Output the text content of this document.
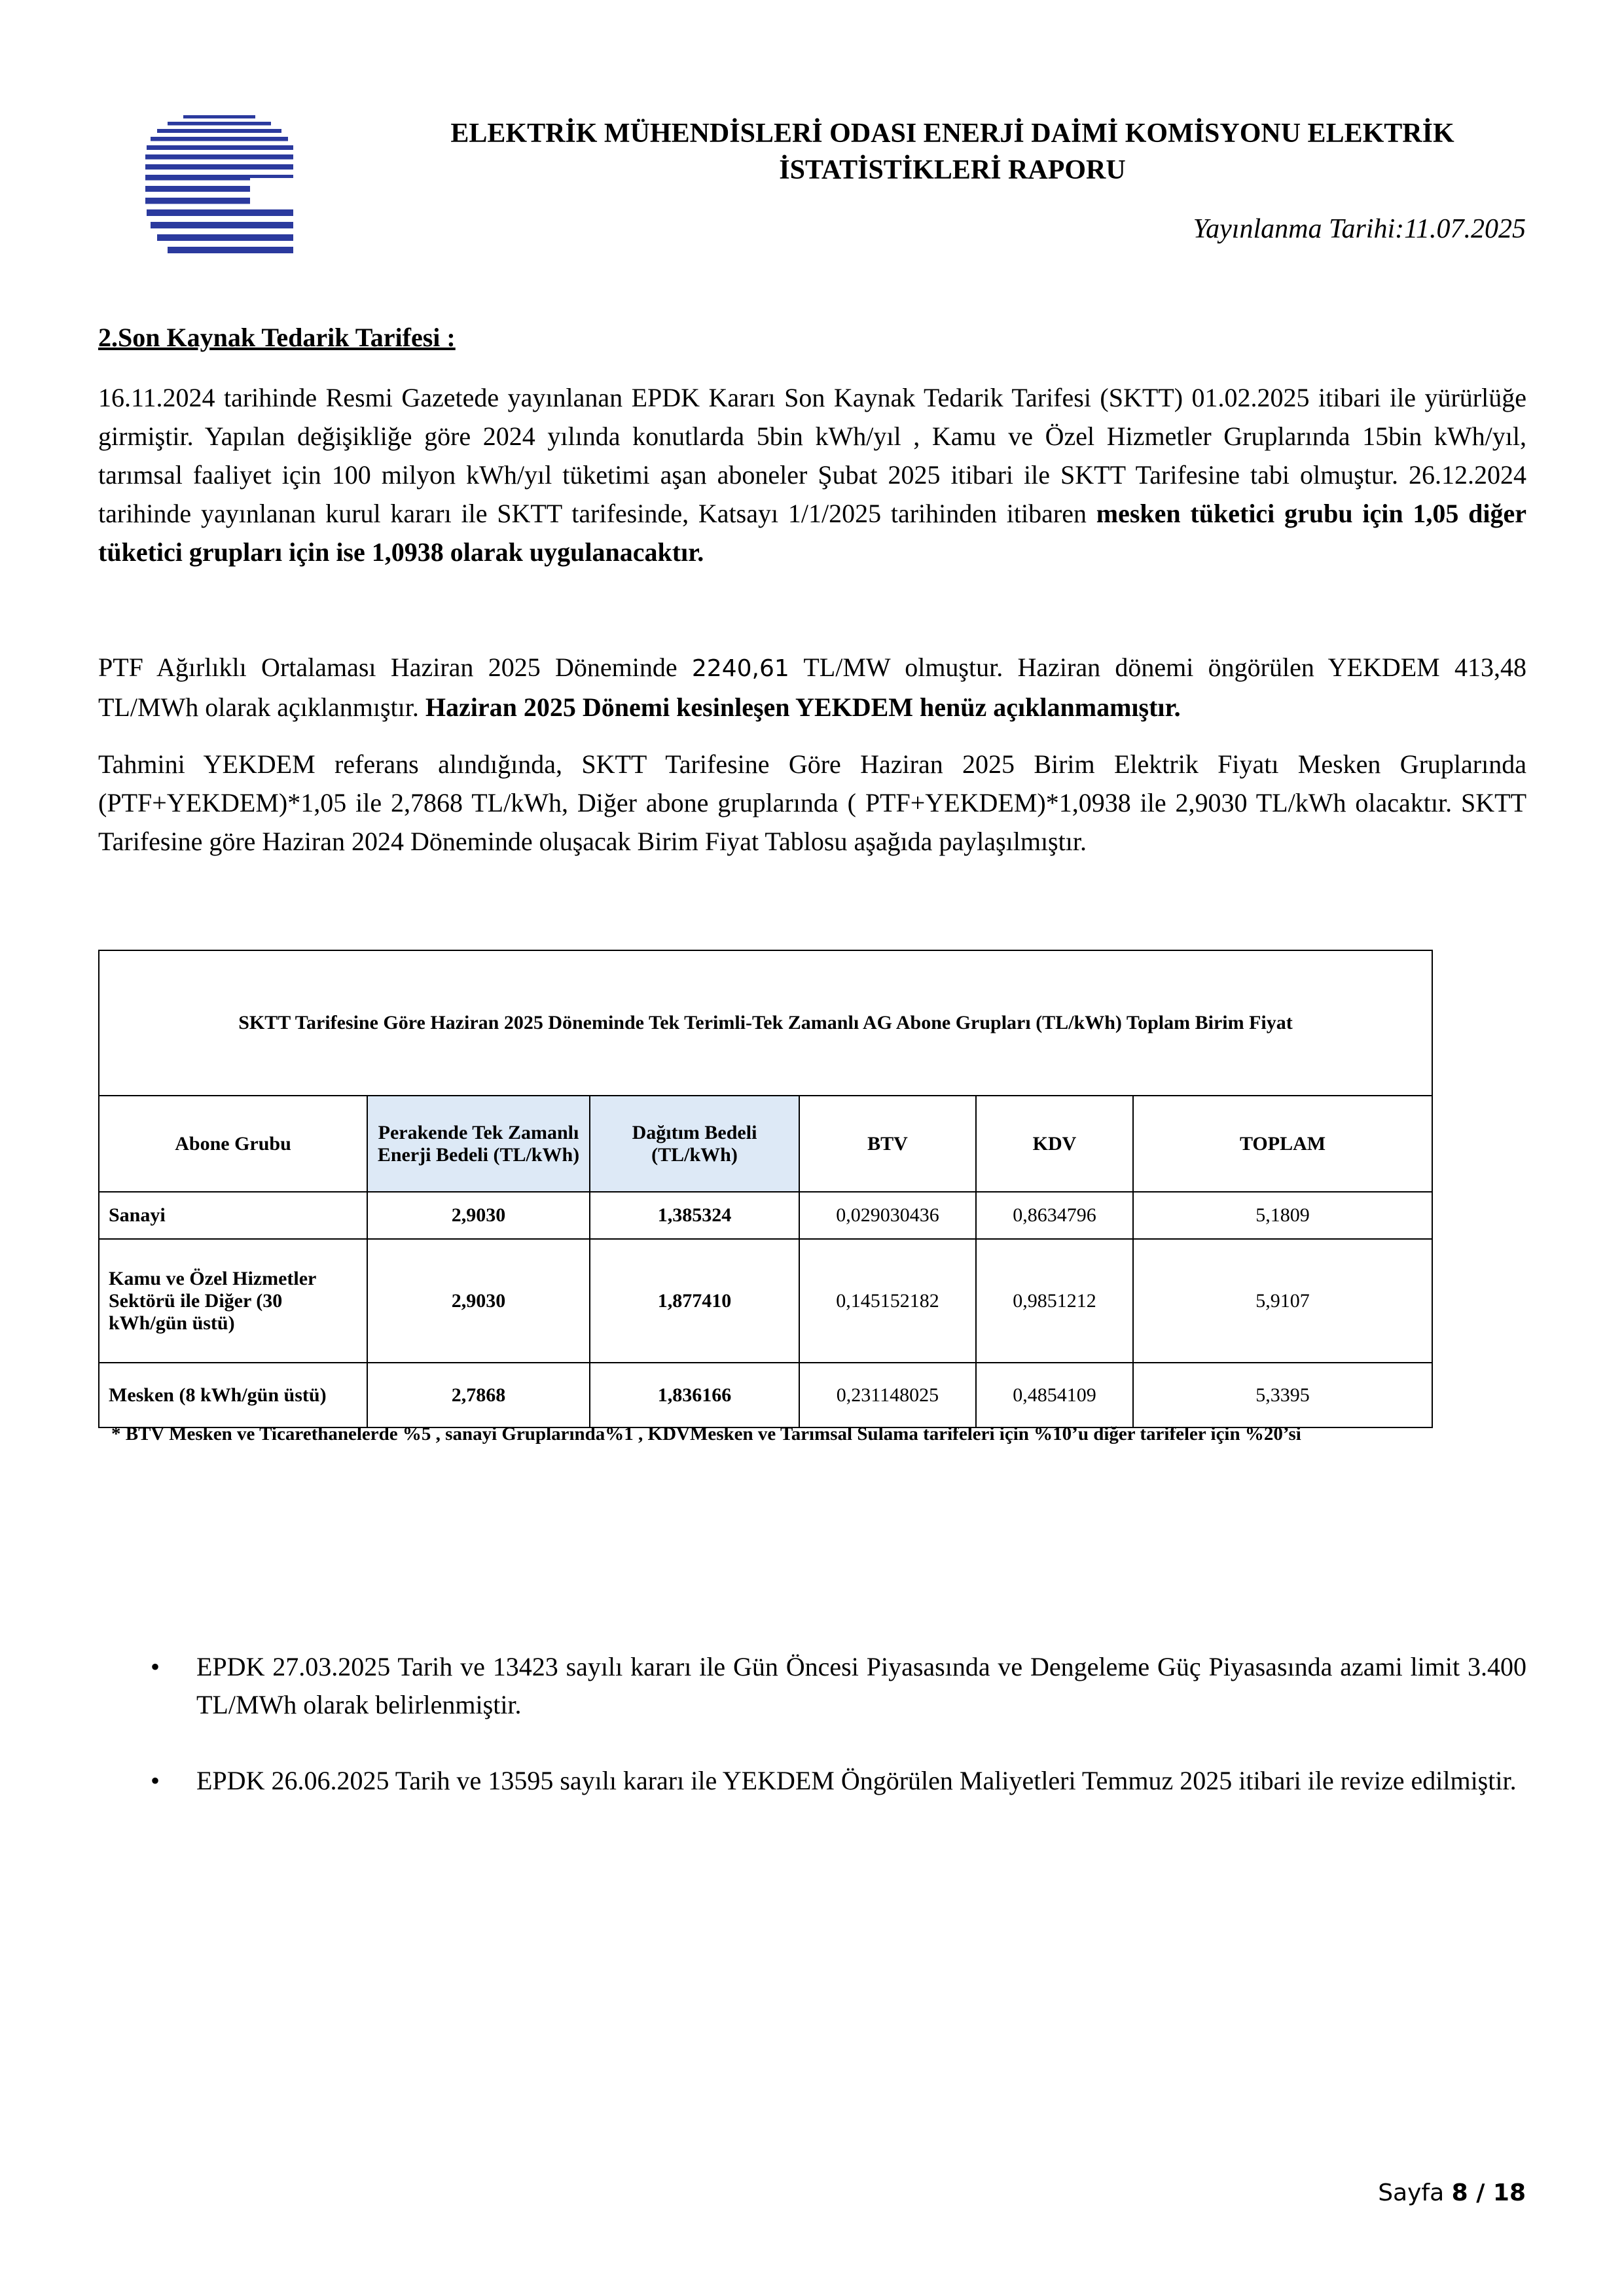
ELEKTRİK MÜHENDİSLERİ ODASI ENERJİ DAİMİ KOMİSYONU ELEKTRİK
İSTATİSTİKLERİ RAPORU
Yayınlanma Tarihi:11.07.2025
2.Son Kaynak Tedarik Tarifesi :
16.11.2024 tarihinde Resmi Gazetede yayınlanan EPDK Kararı Son Kaynak Tedarik Tarifesi (SKTT) 01.02.2025 itibari ile yürürlüğe girmiştir. Yapılan değişikliğe göre 2024 yılında konutlarda 5bin kWh/yıl , Kamu ve Özel Hizmetler Gruplarında 15bin kWh/yıl, tarımsal faaliyet için 100 milyon kWh/yıl tüketimi aşan aboneler Şubat 2025 itibari ile SKTT Tarifesine tabi olmuştur. 26.12.2024 tarihinde yayınlanan kurul kararı ile SKTT tarifesinde, Katsayı 1/1/2025 tarihinden itibaren mesken tüketici grubu için 1,05 diğer tüketici grupları için ise 1,0938 olarak uygulanacaktır.
PTF Ağırlıklı Ortalaması Haziran 2025 Döneminde 2240,61 TL/MW olmuştur. Haziran dönemi öngörülen YEKDEM 413,48 TL/MWh olarak açıklanmıştır. Haziran 2025 Dönemi kesinleşen YEKDEM henüz açıklanmamıştır.
Tahmini YEKDEM referans alındığında, SKTT Tarifesine Göre Haziran 2025 Birim Elektrik Fiyatı Mesken Gruplarında (PTF+YEKDEM)*1,05 ile 2,7868 TL/kWh, Diğer abone gruplarında ( PTF+YEKDEM)*1,0938 ile 2,9030 TL/kWh olacaktır. SKTT Tarifesine göre Haziran 2024 Döneminde oluşacak Birim Fiyat Tablosu aşağıda paylaşılmıştır.
SKTT Tarifesine Göre Haziran 2025 Döneminde Tek Terimli-Tek Zamanlı AG Abone Grupları (TL/kWh) Toplam Birim Fiyat					
Abone Grubu	Perakende Tek Zamanlı Enerji Bedeli (TL/kWh)	Dağıtım Bedeli (TL/kWh)	BTV	KDV	TOPLAM
Sanayi	2,9030	1,385324	0,029030436	0,8634796	5,1809
Kamu ve Özel Hizmetler Sektörü ile Diğer (30 kWh/gün üstü)	2,9030	1,877410	0,145152182	0,9851212	5,9107
Mesken (8 kWh/gün üstü)	2,7868	1,836166	0,231148025	0,4854109	5,3395
* BTV Mesken ve Ticarethanelerde %5 , sanayi Gruplarında%1 , KDVMesken ve Tarımsal Sulama tarifeleri için %10’u diğer tarifeler için %20’si
• EPDK 27.03.2025 Tarih ve 13423 sayılı kararı ile Gün Öncesi Piyasasında ve Dengeleme Güç Piyasasında azami limit 3.400 TL/MWh olarak belirlenmiştir.
• EPDK 26.06.2025 Tarih ve 13595 sayılı kararı ile YEKDEM Öngörülen Maliyetleri Temmuz 2025 itibari ile revize edilmiştir.
Sayfa 8 / 18
